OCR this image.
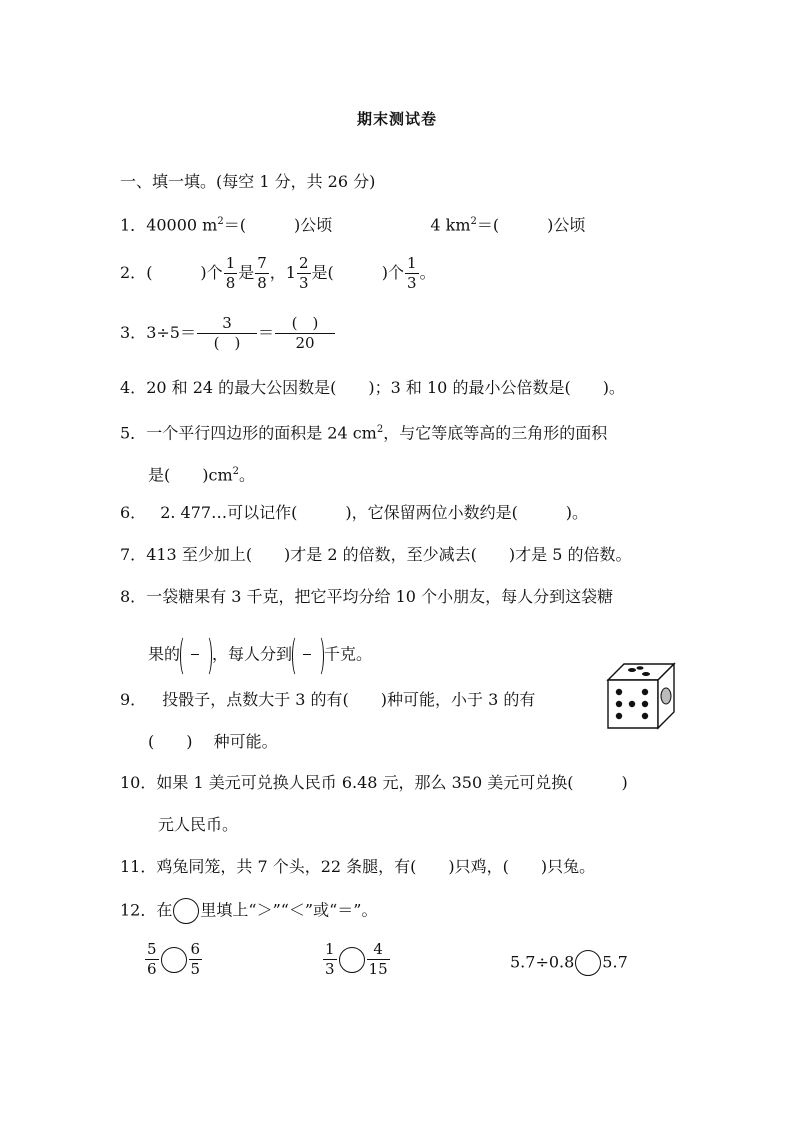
期末测试卷
一、填一填。(每空 1 分，共 26 分)
1．40000 $m^2=$(　　　)公顷	4 $km^2=$(　　　)公顷
2．(　　　)个 $\frac{1}{8}$ 是 $\frac{7}{8}$ ，$1 \frac{2}{3}$ 是(　　　)个 $\frac{1}{3}$ 。
3．$3\div 5= \frac{3}{( )} = \frac{( )}{20}$
4．20 和 24 的最大公因数是(　　)；3 和 10 的最小公倍数是(　　)。
5．一个平行四边形的面积是 24 $cm^2$，与它等底等高的三角形的面积
是(　　)$cm^2$。
6． 2. 477…可以记作(　　　)，它保留两位小数约是(　　　)。
7．413 至少加上(　　)才是 2 的倍数，至少减去(　　)才是 5 的倍数。
8．一袋糖果有 3 千克，把它平均分给 10 个小朋友，每人分到这袋糖
果的 ，每人分到 千克。
9． 投骰子，点数大于 3 的有(　　)种可能，小于 3 的有
(　　)　 种可能。
10．如果 1 美元可兑换人民币 6.48 元，那么 350 美元可兑换(　　　)
元人民币。
11．鸡兔同笼，共 7 个头，22 条腿，有(　　)只鸡，(　　)只兔。
12．在 里填上“＞”“＜”或“＝”。
$\frac{5}{6} \frac{6}{5}$	$\frac{1}{3} \frac{4}{15}$	5.7÷0.8 5.7
